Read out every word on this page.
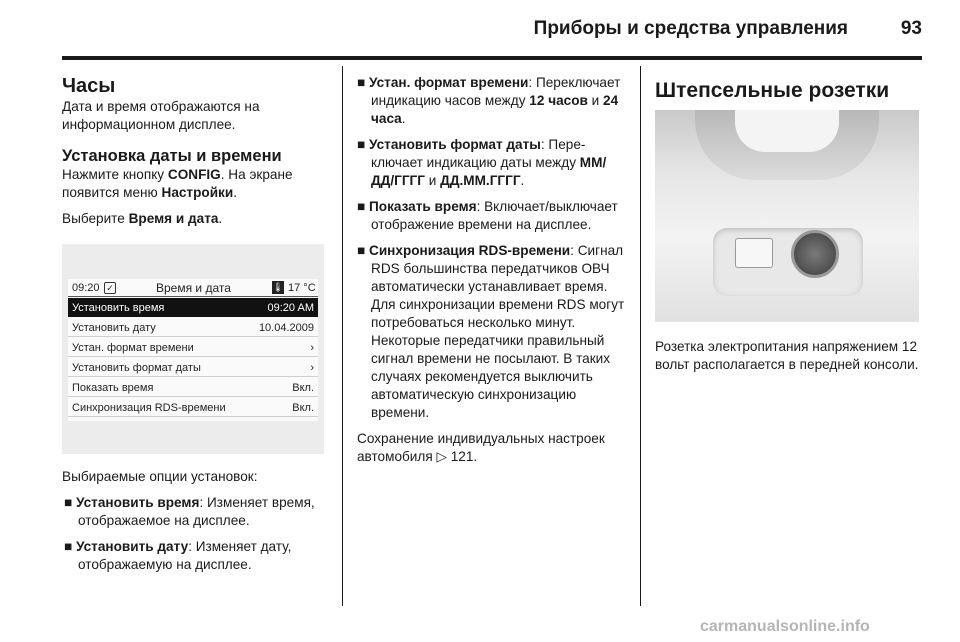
Приборы и средства управления	93
Часы
Дата и время отображаются на информационном дисплее.
Установка даты и времени
Нажмите кнопку CONFIG. На экране появится меню Настройки.
Выберите Время и дата.
09:20 ✓	Время и дата	🌡 17 °C
Установить время	09:20 AM
Установить дату	10.04.2009
Устан. формат времени	›
Установить формат даты	›
Показать время	Вкл.
Синхронизация RDS-времени	Вкл.
Выбираемые опции установок:
■ Установить время: Изменяет время, отображаемое на дисплее.
■ Установить дату: Изменяет дату, отображаемую на дисплее.
■ Устан. формат времени: Переключает индикацию часов между 12 часов и 24 часа.
■ Установить формат даты: Переключает индикацию даты между ММ/ДД/ГГГГ и ДД.ММ.ГГГГ.
■ Показать время: Включает/выключает отображение времени на дисплее.
■ Синхронизация RDS-времени: Сигнал RDS большинства передатчиков ОВЧ автоматически устанавливает время. Для синхронизации времени RDS могут потребоваться несколько минут. Некоторые передатчики правильный сигнал времени не посылают. В таких случаях рекомендуется выключить автоматическую синхронизацию времени.
Сохранение индивидуальных настроек автомобиля ▷ 121.
Штепсельные розетки
Розетка электропитания напряжением 12 вольт располагается в передней консоли.
carmanualsonline.info
